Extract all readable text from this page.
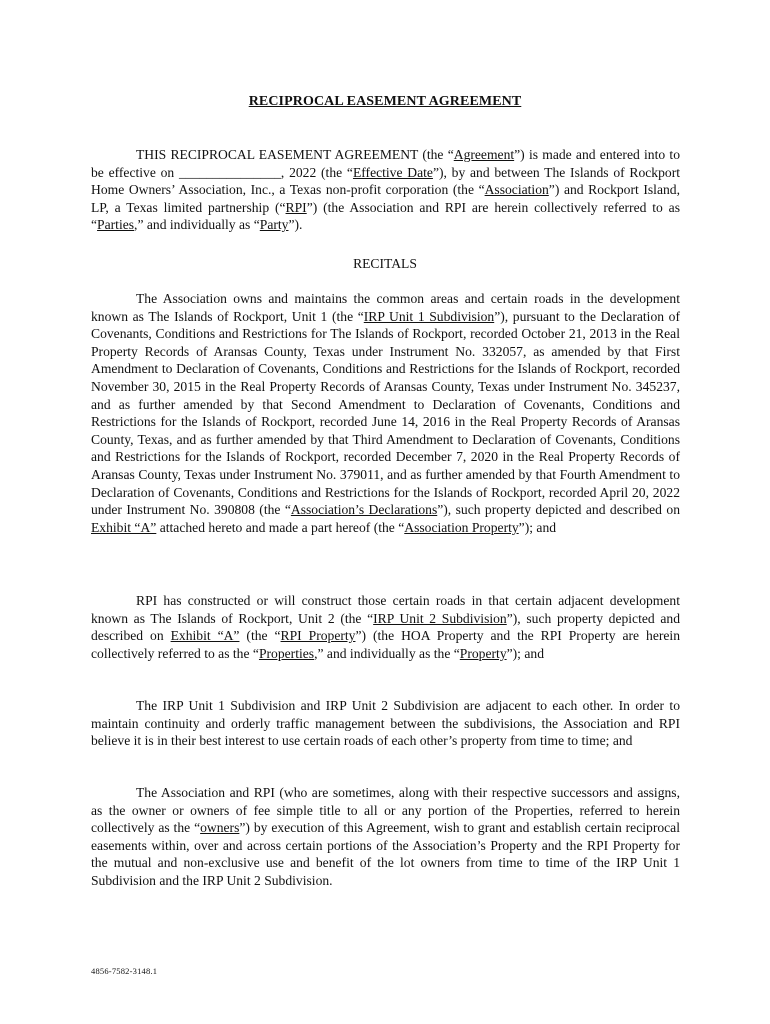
RECIPROCAL EASEMENT AGREEMENT

THIS RECIPROCAL EASEMENT AGREEMENT (the “Agreement”) is made and entered into to be effective on _______________, 2022 (the “Effective Date”), by and between The Islands of Rockport Home Owners’ Association, Inc., a Texas non-profit corporation (the “Association”) and Rockport Island, LP, a Texas limited partnership (“RPI”) (the Association and RPI are herein collectively referred to as “Parties,” and individually as “Party”).

RECITALS

The Association owns and maintains the common areas and certain roads in the development known as The Islands of Rockport, Unit 1 (the “IRP Unit 1 Subdivision”), pursuant to the Declaration of Covenants, Conditions and Restrictions for The Islands of Rockport, recorded October 21, 2013 in the Real Property Records of Aransas County, Texas under Instrument No. 332057, as amended by that First Amendment to Declaration of Covenants, Conditions and Restrictions for the Islands of Rockport, recorded November 30, 2015 in the Real Property Records of Aransas County, Texas under Instrument No. 345237, and as further amended by that Second Amendment to Declaration of Covenants, Conditions and Restrictions for the Islands of Rockport, recorded June 14, 2016 in the Real Property Records of Aransas County, Texas, and as further amended by that Third Amendment to Declaration of Covenants, Conditions and Restrictions for the Islands of Rockport, recorded December 7, 2020 in the Real Property Records of Aransas County, Texas under Instrument No. 379011, and as further amended by that Fourth Amendment to Declaration of Covenants, Conditions and Restrictions for the Islands of Rockport, recorded April 20, 2022 under Instrument No. 390808 (the “Association’s Declarations”), such property depicted and described on Exhibit “A” attached hereto and made a part hereof (the “Association Property”); and

RPI has constructed or will construct those certain roads in that certain adjacent development known as The Islands of Rockport, Unit 2 (the “IRP Unit 2 Subdivision”), such property depicted and described on Exhibit “A” (the “RPI Property”) (the HOA Property and the RPI Property are herein collectively referred to as the “Properties,” and individually as the “Property”); and

The IRP Unit 1 Subdivision and IRP Unit 2 Subdivision are adjacent to each other. In order to maintain continuity and orderly traffic management between the subdivisions, the Association and RPI believe it is in their best interest to use certain roads of each other’s property from time to time; and

The Association and RPI (who are sometimes, along with their respective successors and assigns, as the owner or owners of fee simple title to all or any portion of the Properties, referred to herein collectively as the “owners”) by execution of this Agreement, wish to grant and establish certain reciprocal easements within, over and across certain portions of the Association’s Property and the RPI Property for the mutual and non-exclusive use and benefit of the lot owners from time to time of the IRP Unit 1 Subdivision and the IRP Unit 2 Subdivision.

4856-7582-3148.1
